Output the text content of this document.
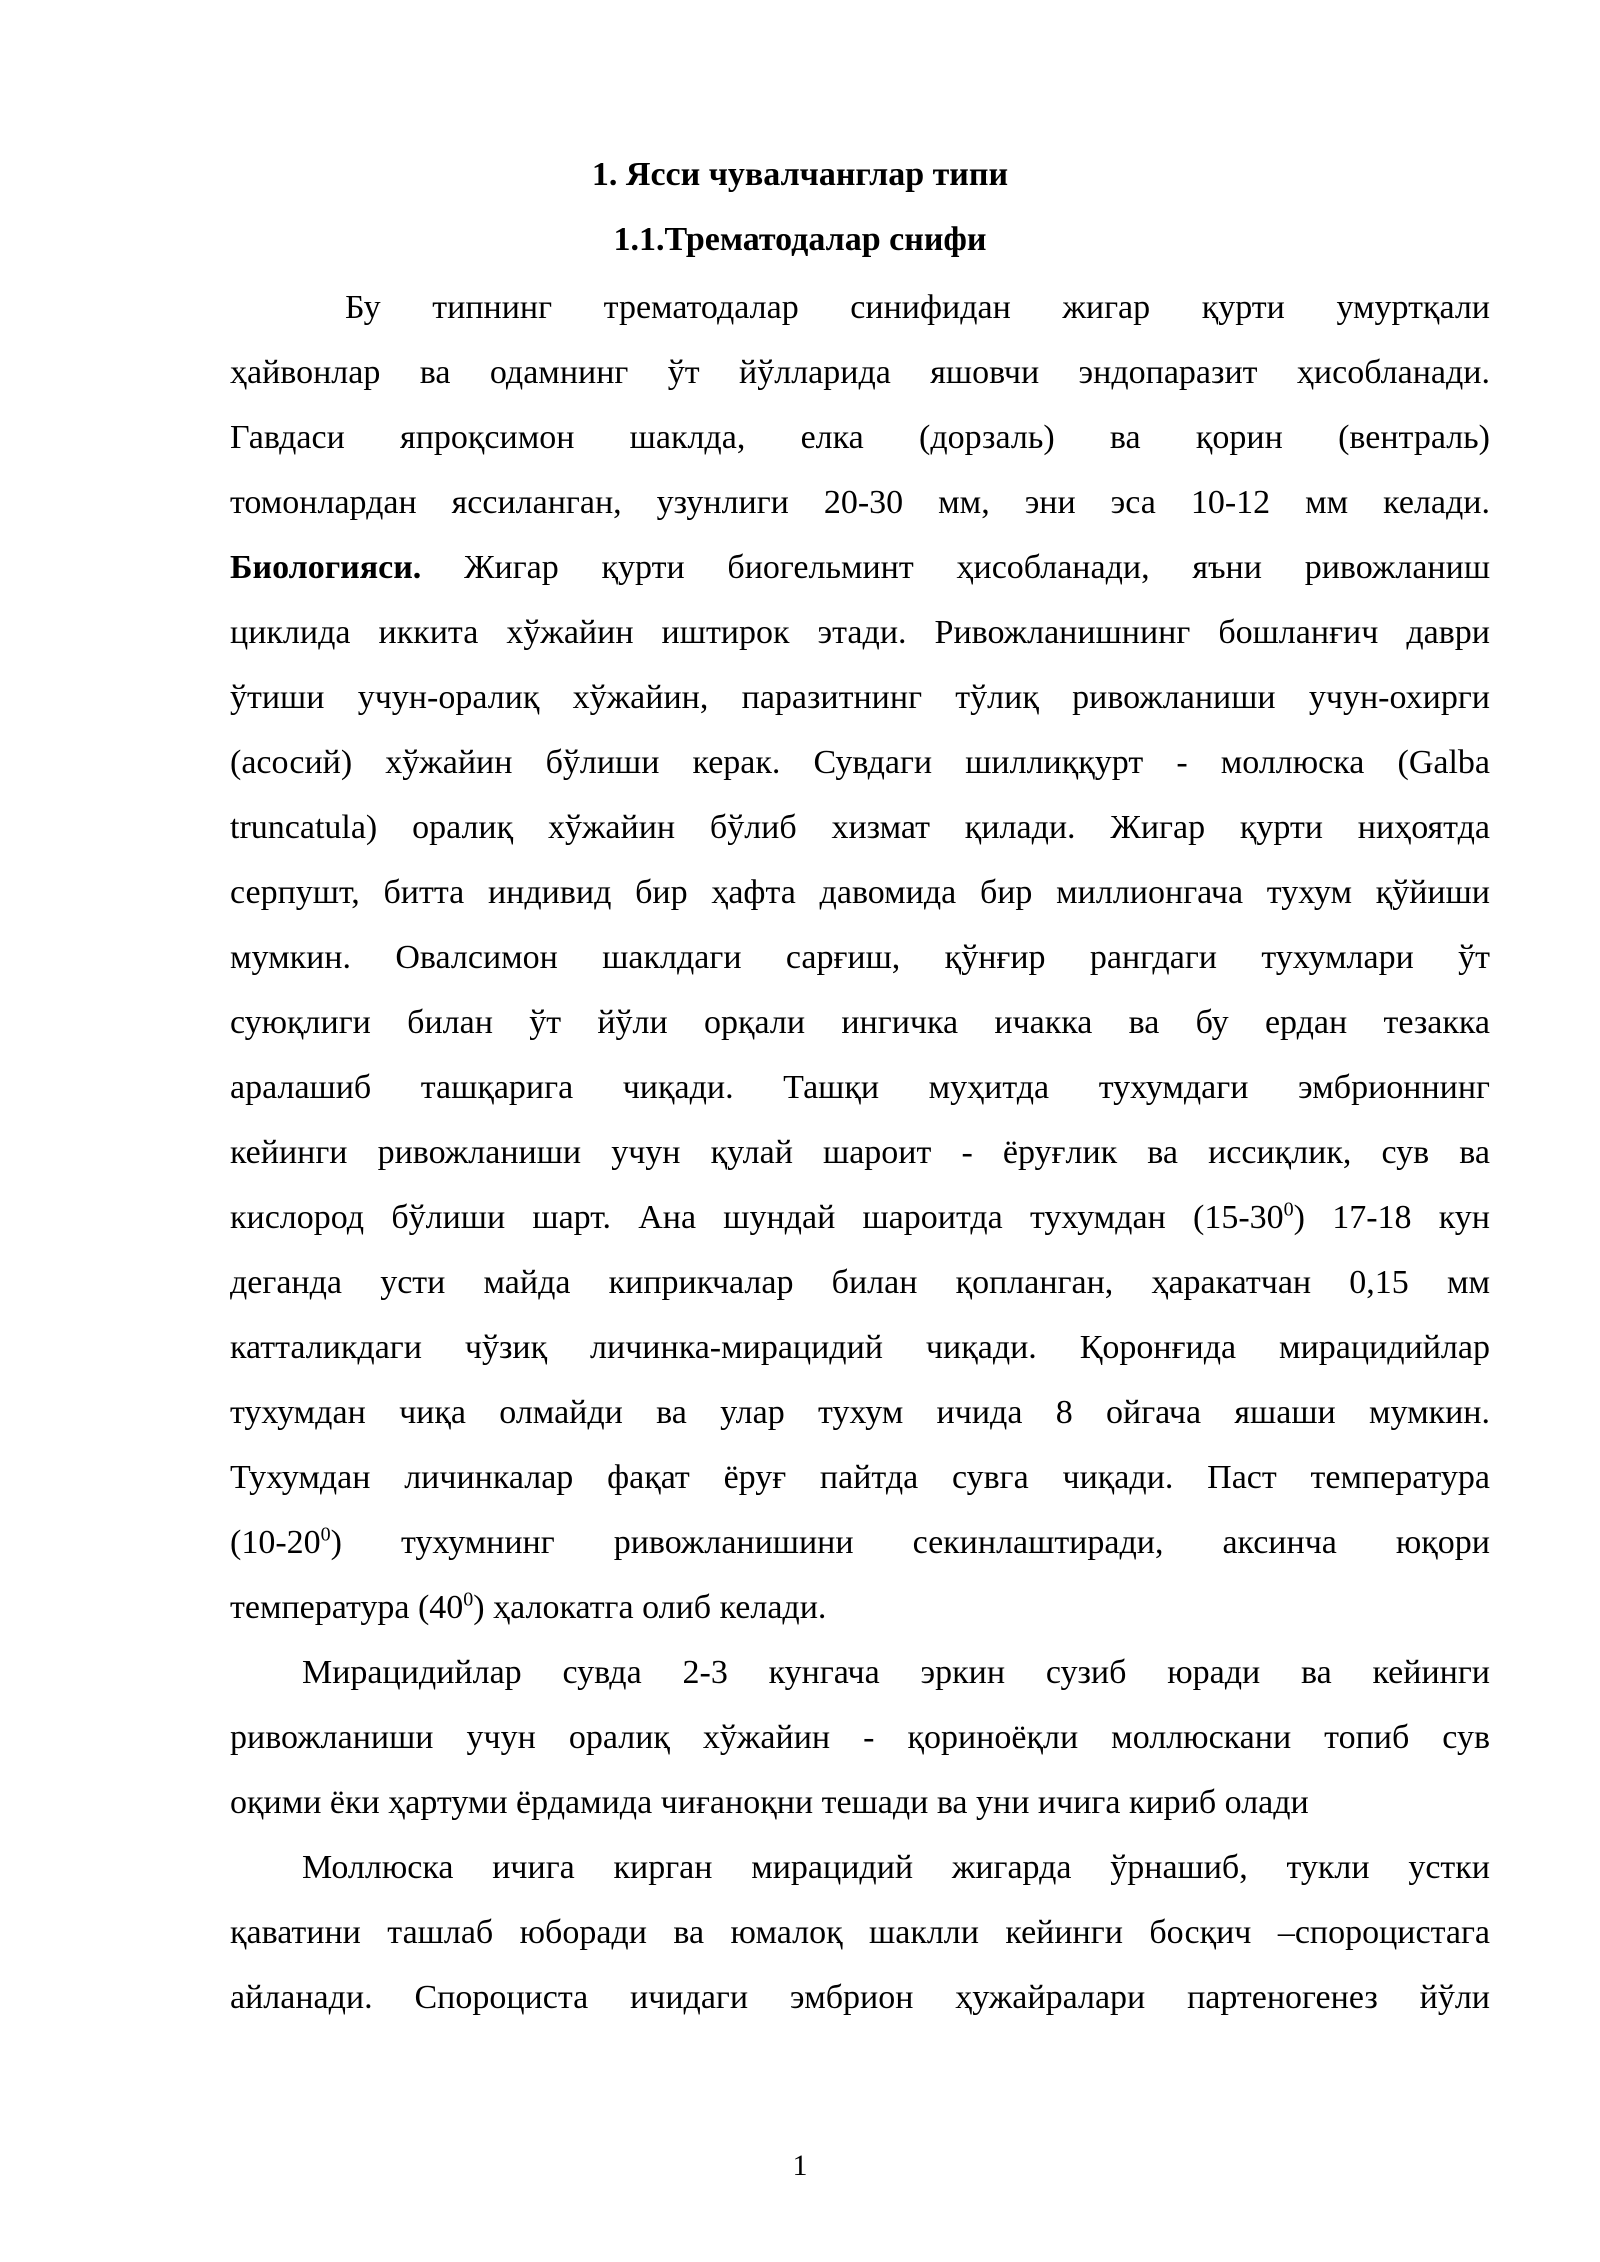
1. Ясси чувалчанглар типи
1.1.Трематодалар снифи
Бу типнинг трематодалар синифидан жигар қурти умуртқали
ҳайвонлар ва одамнинг ўт йўлларида яшовчи эндопаразит ҳисобланади.
Гавдаси япроқсимон шаклда, елка (дорзаль) ва қорин (вентраль)
томонлардан яссиланган, узунлиги 20-30 мм, эни эса 10-12 мм келади.
Биологияси. Жигар қурти биогельминт ҳисобланади, яъни ривожланиш
циклида иккита хўжайин иштирок этади. Ривожланишнинг бошланғич даври
ўтиши учун-оралиқ хўжайин, паразитнинг тўлиқ ривожланиши учун-охирги
(асосий) хўжайин бўлиши керак. Сувдаги шиллиққурт - моллюска (Galba
truncatula) оралиқ хўжайин бўлиб хизмат қилади. Жигар қурти ниҳоятда
серпушт, битта индивид бир ҳафта давомида бир миллионгача тухум қўйиши
мумкин. Овалсимон шаклдаги сарғиш, қўнғир рангдаги тухумлари ўт
суюқлиги билан ўт йўли орқали ингичка ичакка ва бу ердан тезакка
аралашиб ташқарига чиқади. Ташқи муҳитда тухумдаги эмбрионнинг
кейинги ривожланиши учун қулай шароит - ёруғлик ва иссиқлик, сув ва
кислород бўлиши шарт. Ана шундай шароитда тухумдан $(15-30^0)$ 17-18 кун
деганда усти майда киприкчалар билан қопланган, ҳаракатчан 0,15 мм
катталикдаги чўзиқ личинка-мирацидий чиқади. Қоронғида мирацидийлар
тухумдан чиқа олмайди ва улар тухум ичида 8 ойгача яшаши мумкин.
Тухумдан личинкалар фақат ёруғ пайтда сувга чиқади. Паст температура
$(10-20^0)$ тухумнинг ривожланишини секинлаштиради, аксинча юқори
температура $(40^0)$ ҳалокатга олиб келади.
Мирацидийлар сувда 2-3 кунгача эркин сузиб юради ва кейинги
ривожланиши учун оралиқ хўжайин - қориноёқли моллюскани топиб сув
оқими ёки ҳартуми ёрдамида чиғаноқни тешади ва уни ичига кириб олади
Моллюска ичига кирган мирацидий жигарда ўрнашиб, тукли устки
қаватини ташлаб юборади ва юмалоқ шаклли кейинги босқич –спороцистага
айланади. Спороциста ичидаги эмбрион ҳужайралари партеногенез йўли
1
